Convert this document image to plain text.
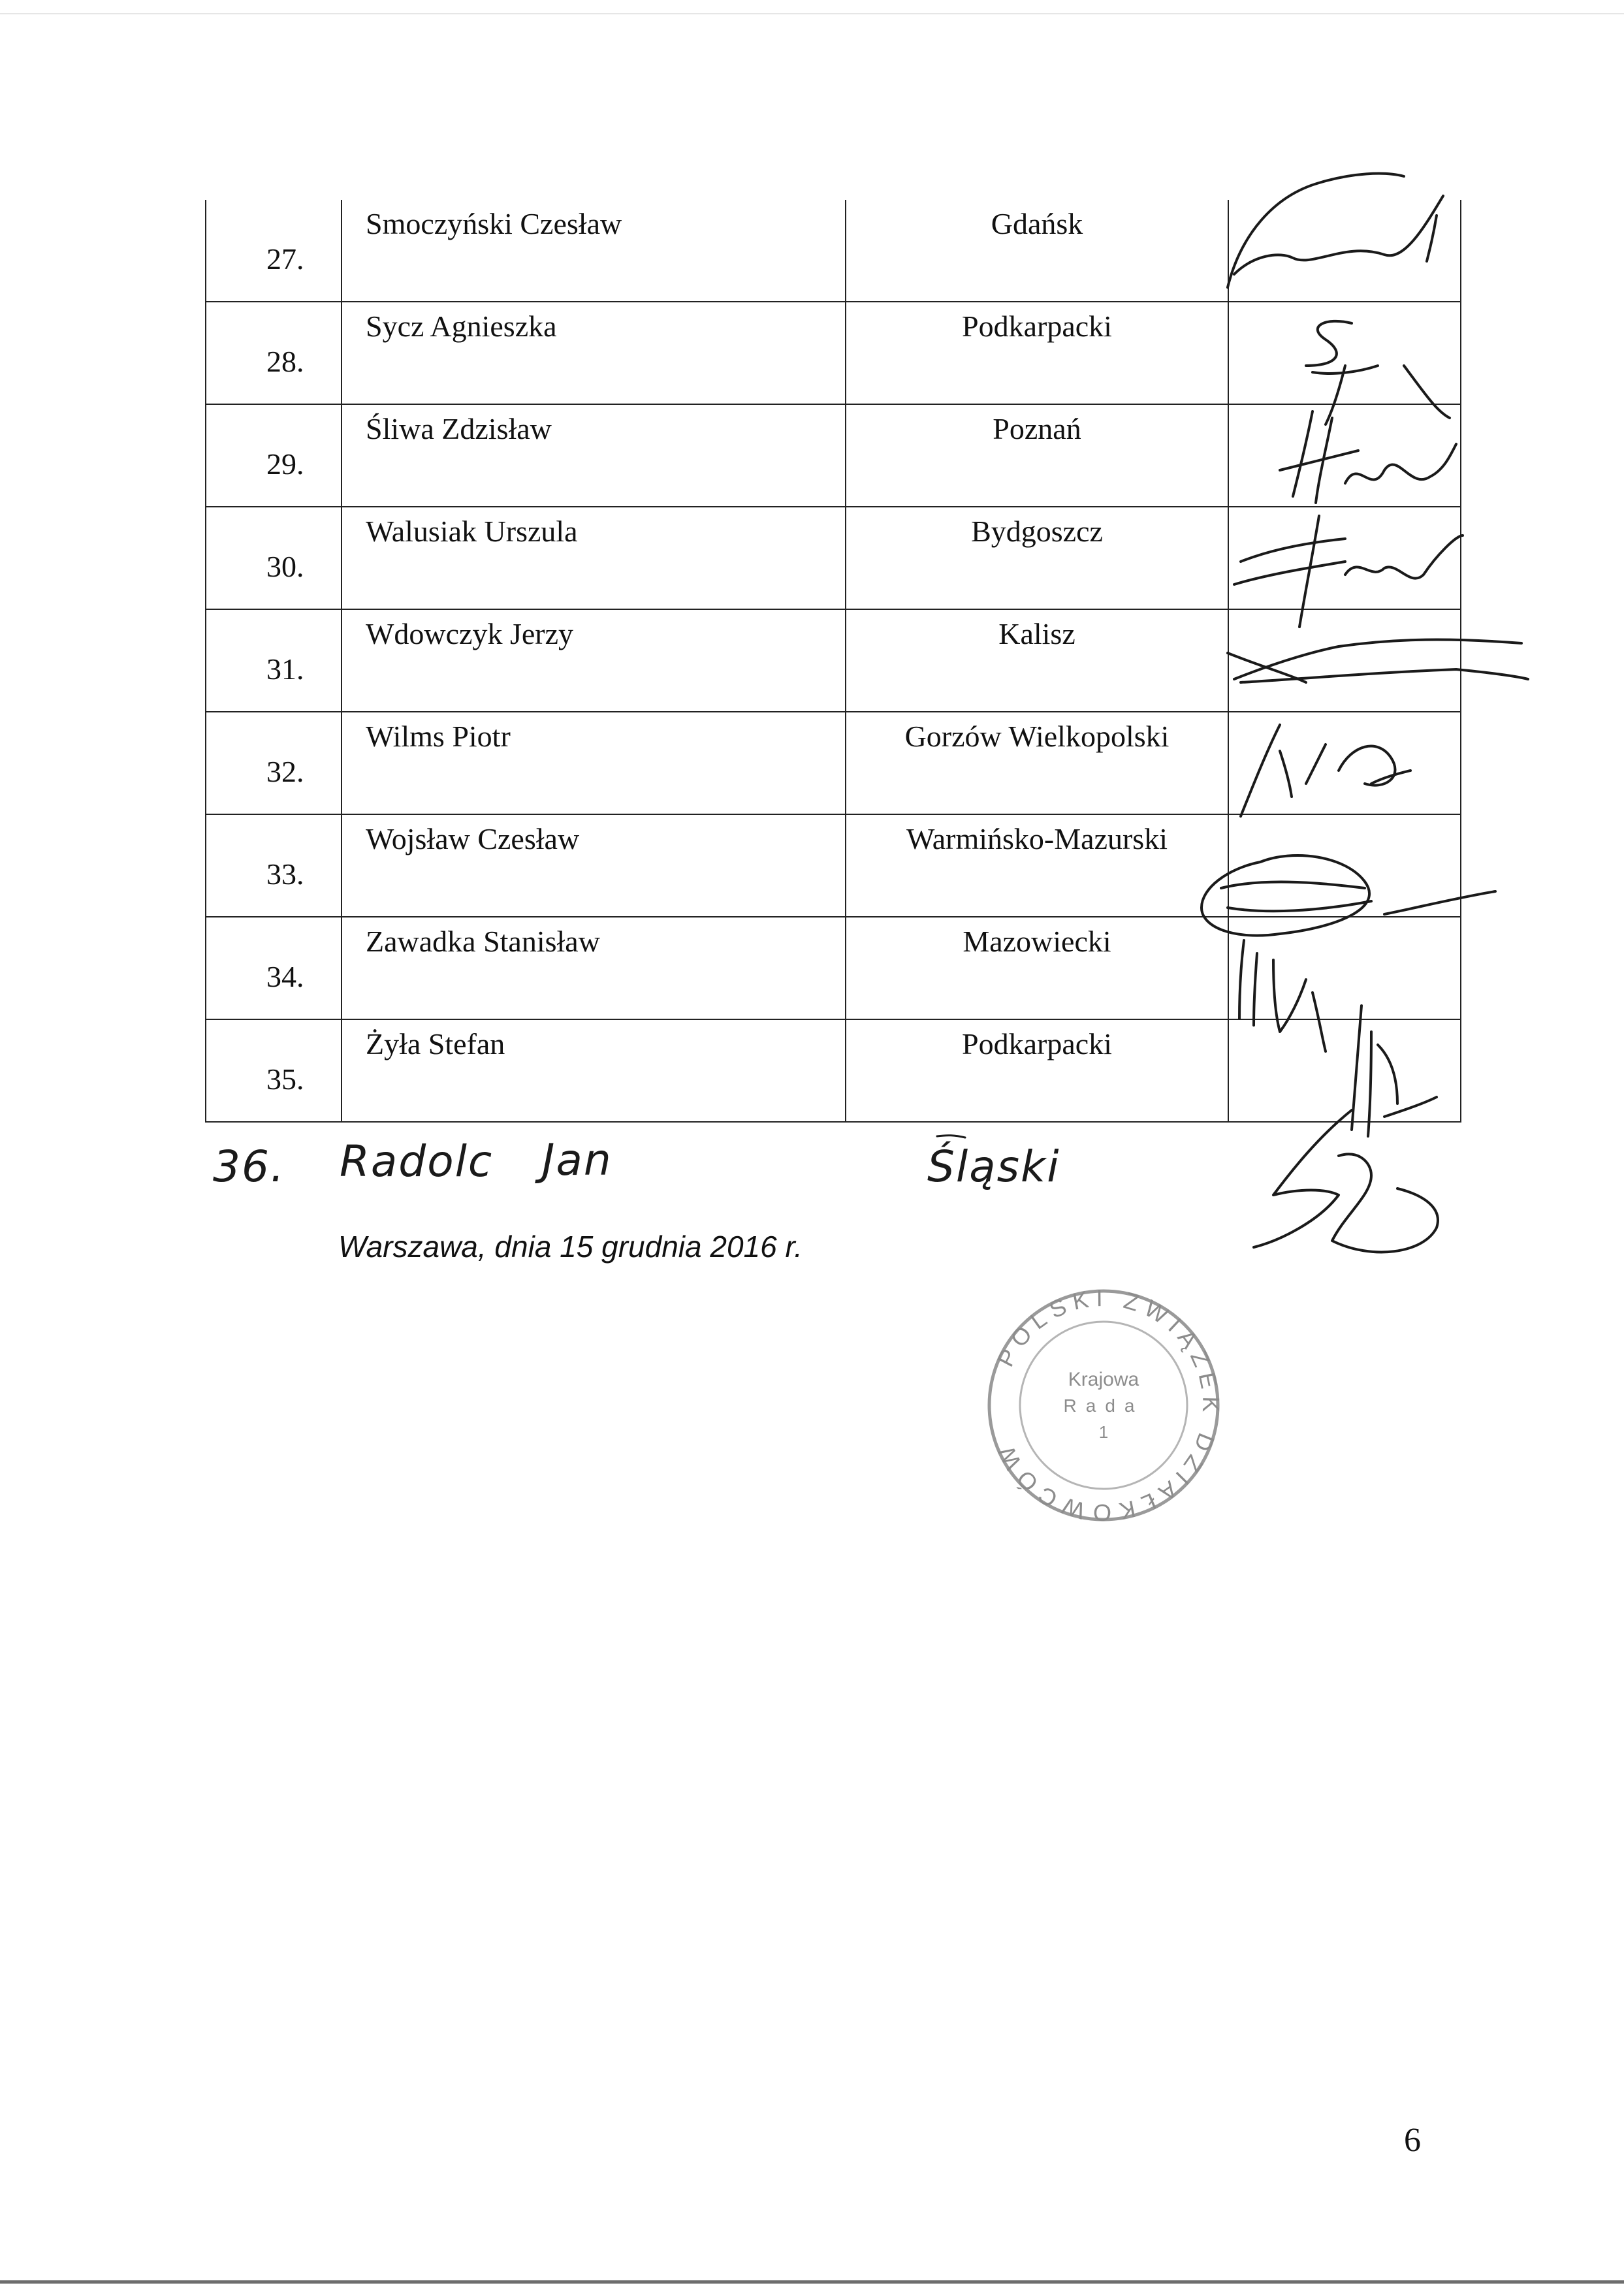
27.	Smoczyński Czesław	Gdańsk	

28.	Sycz Agnieszka	Podkarpacki	

29.	Śliwa Zdzisław	Poznań	

30.	Walusiak Urszula	Bydgoszcz	

31.	Wdowczyk Jerzy	Kalisz	

32.	Wilms Piotr	Gorzów Wielkopolski	

33.	Wojsław Czesław	Warmińsko-Mazurski	

34.	Zawadka Stanisław	Mazowiecki	

35.	Żyła Stefan	Podkarpacki	

POLSKI ZWIĄZEK DZIAŁKOWCÓW
Krajowa
Rada
1
36. Radolc Jan	Śląski
Warszawa, dnia 15 grudnia 2016 r.
6
